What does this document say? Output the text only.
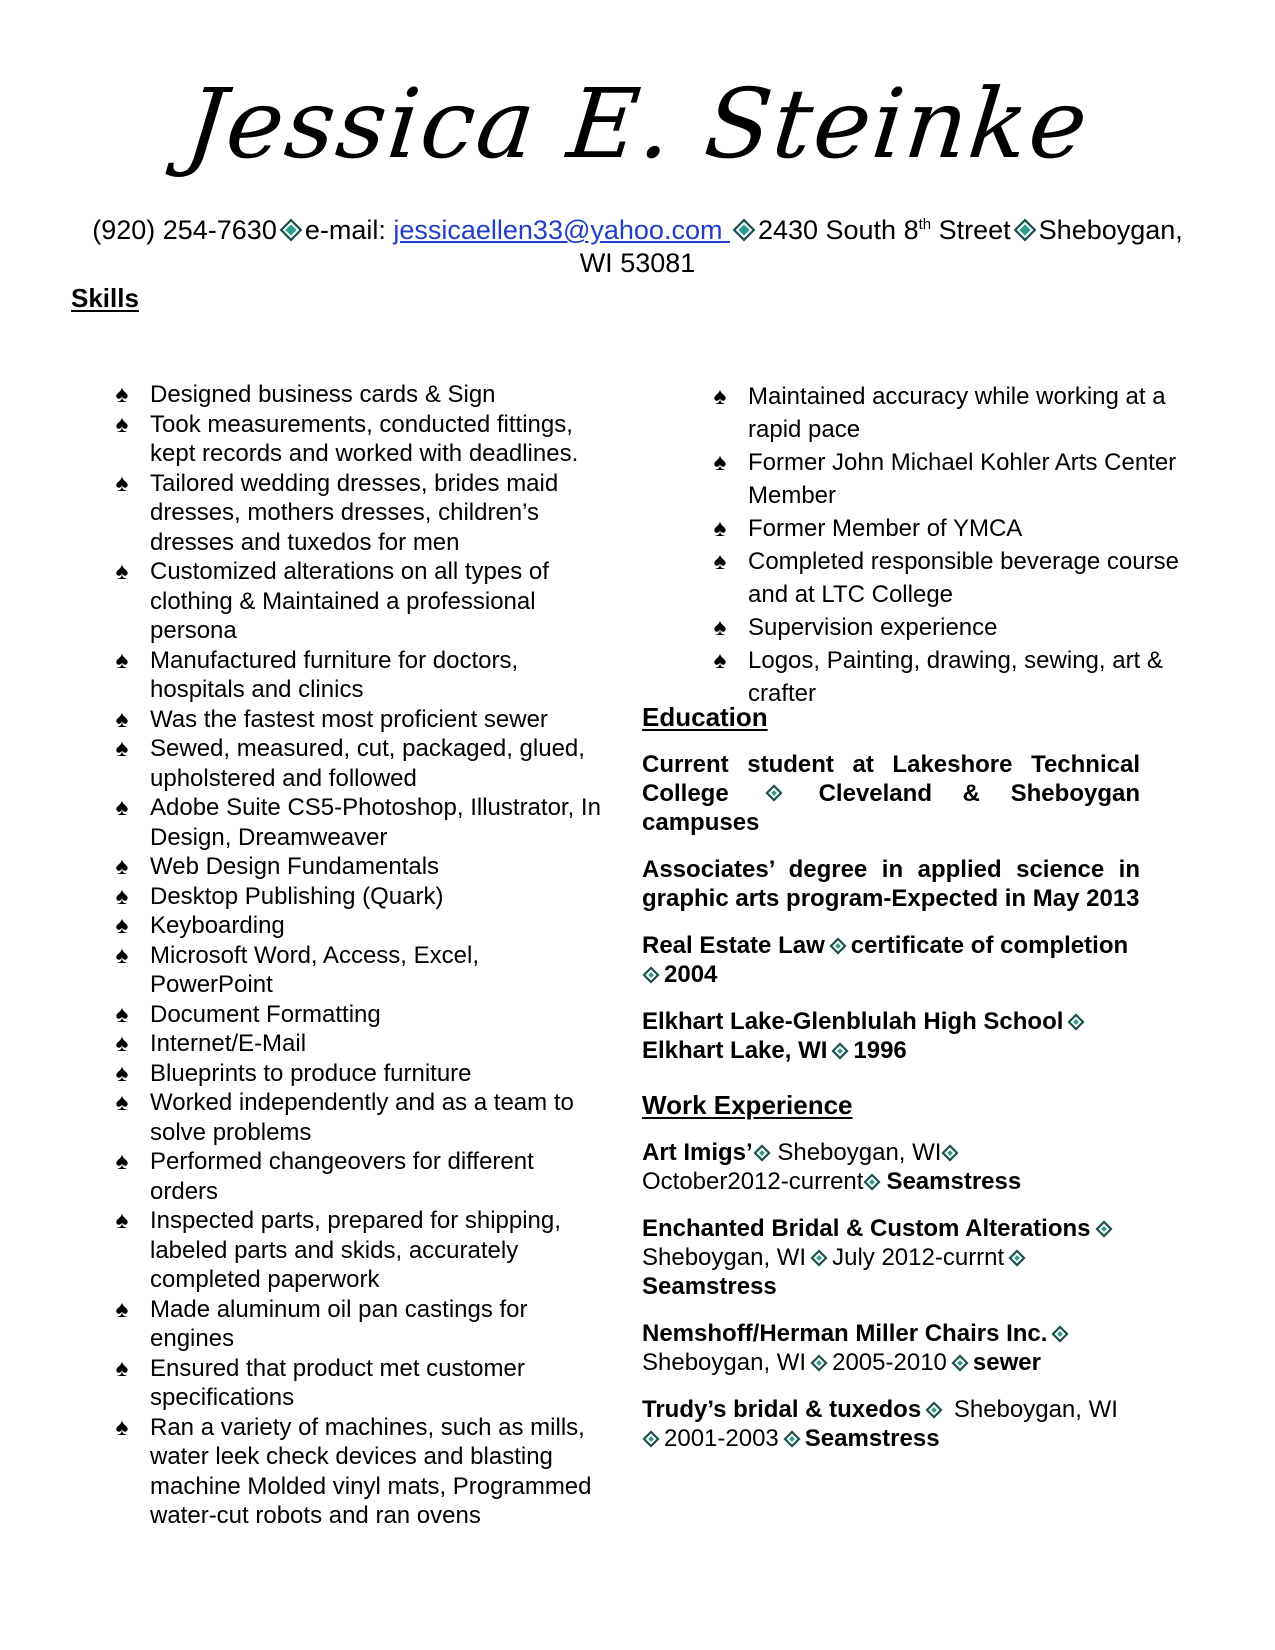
Jessica E. Steinke
(920) 254-7630 e-mail: jessicaellen33@yahoo.com 2430 South 8th Street Sheboygan,
WI 53081
Skills
♠ Designed business cards & Sign
♠ Took measurements, conducted fittings, kept records and worked with deadlines.
♠ Tailored wedding dresses, brides maid dresses, mothers dresses, children’s dresses and tuxedos for men
♠ Customized alterations on all types of clothing & Maintained a professional persona
♠ Manufactured furniture for doctors, hospitals and clinics
♠ Was the fastest most proficient sewer
♠ Sewed, measured, cut, packaged, glued, upholstered and followed
♠ Adobe Suite CS5-Photoshop, Illustrator, In Design, Dreamweaver
♠ Web Design Fundamentals
♠ Desktop Publishing (Quark)
♠ Keyboarding
♠ Microsoft Word, Access, Excel, PowerPoint
♠ Document Formatting
♠ Internet/E-Mail
♠ Blueprints to produce furniture
♠ Worked independently and as a team to solve problems
♠ Performed changeovers for different orders
♠ Inspected parts, prepared for shipping, labeled parts and skids, accurately completed paperwork
♠ Made aluminum oil pan castings for engines
♠ Ensured that product met customer specifications
♠ Ran a variety of machines, such as mills, water leek check devices and blasting machine Molded vinyl mats, Programmed water-cut robots and ran ovens
♠ Maintained accuracy while working at a rapid pace
♠ Former John Michael Kohler Arts Center Member
♠ Former Member of YMCA
♠ Completed responsible beverage course and at LTC College
♠ Supervision experience
♠ Logos, Painting, drawing, sewing, art & crafter
Education

Current student at Lakeshore Technical

College	Cleveland & Sheboygan
campuses

Associates’ degree in applied science in graphic arts program-Expected in May 2013

Real Estate Law certificate of completion
2004

Elkhart Lake-Glenblulah High School
Elkhart Lake, WI 1996

Work Experience

Art Imigs’ Sheboygan, WI
October2012-current Seamstress

Enchanted Bridal & Custom Alterations
Sheboygan, WI July 2012-currnt
Seamstress

Nemshoff/Herman Miller Chairs Inc.
Sheboygan, WI 2005-2010 sewer

Trudy’s bridal & tuxedos Sheboygan, WI
2001-2003 Seamstress
